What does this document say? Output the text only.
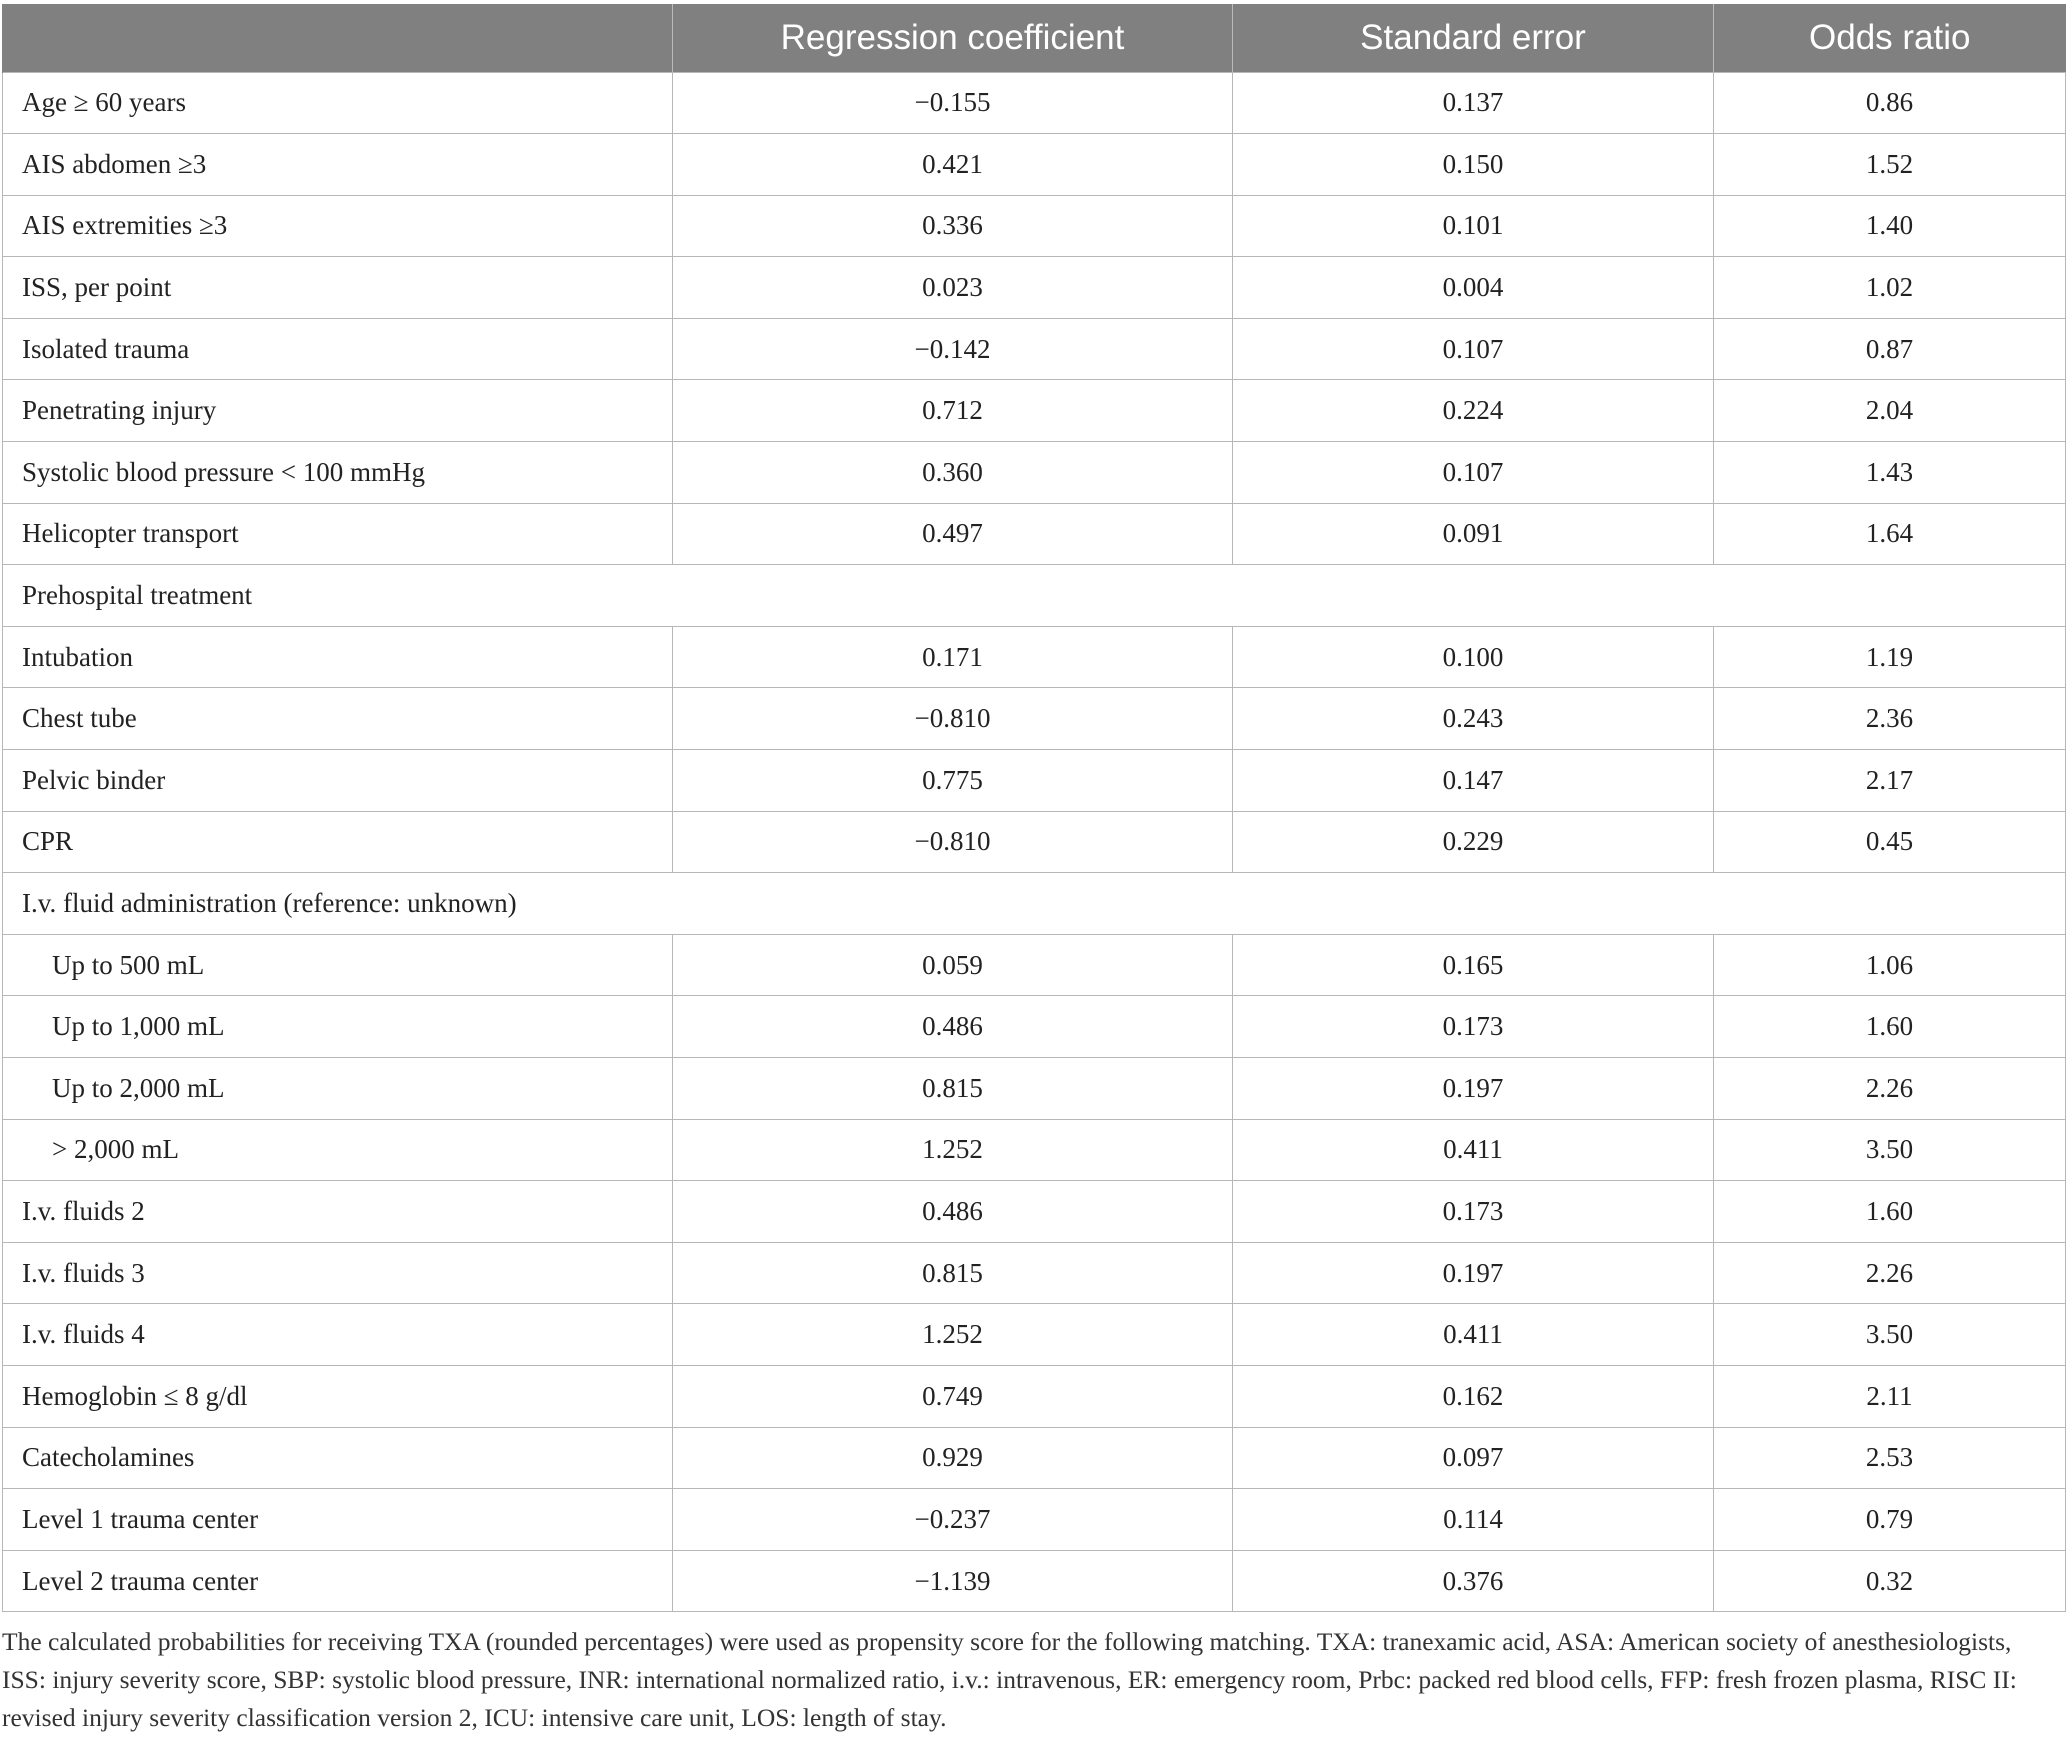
	Regression coefficient	Standard error	Odds ratio
Age ≥ 60 years	−0.155	0.137	0.86
AIS abdomen ≥3	0.421	0.150	1.52
AIS extremities ≥3	0.336	0.101	1.40
ISS, per point	0.023	0.004	1.02
Isolated trauma	−0.142	0.107	0.87
Penetrating injury	0.712	0.224	2.04
Systolic blood pressure < 100 mmHg	0.360	0.107	1.43
Helicopter transport	0.497	0.091	1.64
Prehospital treatment			
Intubation	0.171	0.100	1.19
Chest tube	−0.810	0.243	2.36
Pelvic binder	0.775	0.147	2.17
CPR	−0.810	0.229	0.45
I.v. fluid administration (reference: unknown)			
Up to 500 mL	0.059	0.165	1.06
Up to 1,000 mL	0.486	0.173	1.60
Up to 2,000 mL	0.815	0.197	2.26
> 2,000 mL	1.252	0.411	3.50
I.v. fluids 2	0.486	0.173	1.60
I.v. fluids 3	0.815	0.197	2.26
I.v. fluids 4	1.252	0.411	3.50
Hemoglobin ≤ 8 g/dl	0.749	0.162	2.11
Catecholamines	0.929	0.097	2.53
Level 1 trauma center	−0.237	0.114	0.79
Level 2 trauma center	−1.139	0.376	0.32

The calculated probabilities for receiving TXA (rounded percentages) were used as propensity score for the following matching. TXA: tranexamic acid, ASA: American society of anesthesiologists, ISS: injury severity score, SBP: systolic blood pressure, INR: international normalized ratio, i.v.: intravenous, ER: emergency room, Prbc: packed red blood cells, FFP: fresh frozen plasma, RISC II: revised injury severity classification version 2, ICU: intensive care unit, LOS: length of stay.
